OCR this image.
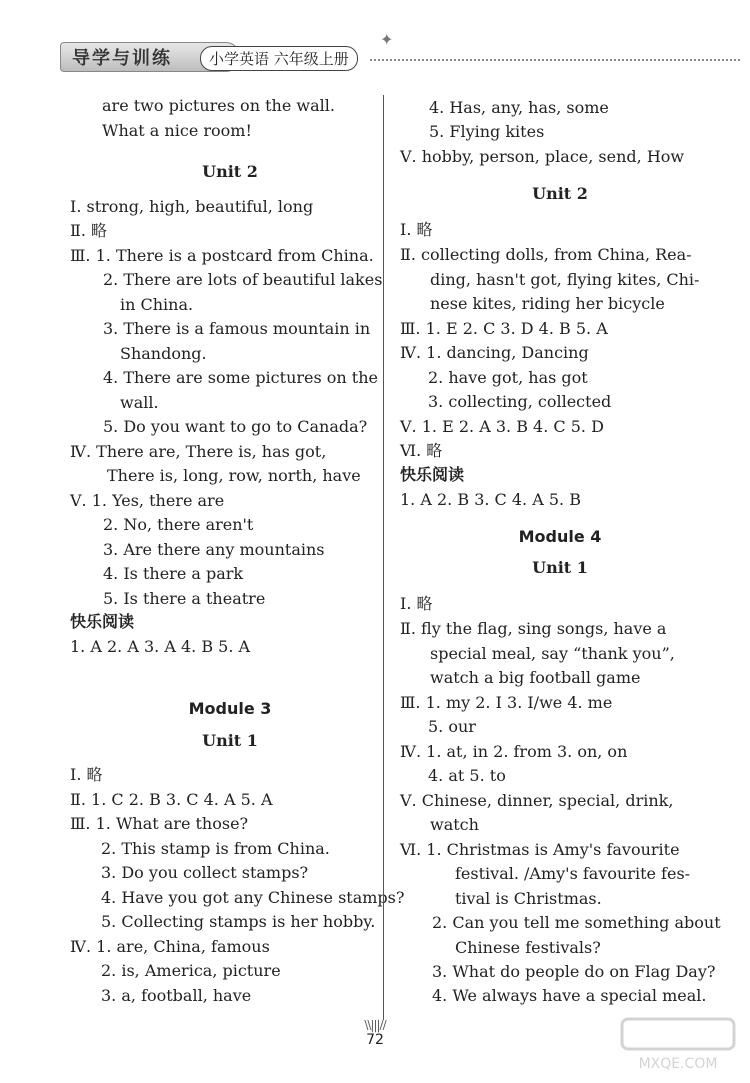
导学与训练	小学英语 六年级上册
✦
are two pictures on the wall.
What a nice room!
Unit 2
Ⅰ. strong, high, beautiful, long
Ⅱ. 略
Ⅲ. 1. There is a postcard from China.
2. There are lots of beautiful lakes
in China.
3. There is a famous mountain in
Shandong.
4. There are some pictures on the
wall.
5. Do you want to go to Canada?
Ⅳ. There are, There is, has got,
There is, long, row, north, have
Ⅴ. 1. Yes, there are
2. No, there aren't
3. Are there any mountains
4. Is there a park
5. Is there a theatre
快乐阅读
1. A 2. A 3. A 4. B 5. A
Module 3
Unit 1
Ⅰ. 略
Ⅱ. 1. C 2. B 3. C 4. A 5. A
Ⅲ. 1. What are those?
2. This stamp is from China.
3. Do you collect stamps?
4. Have you got any Chinese stamps?
5. Collecting stamps is her hobby.
Ⅳ. 1. are, China, famous
2. is, America, picture
3. a, football, have
4. Has, any, has, some
5. Flying kites
Ⅴ. hobby, person, place, send, How
Unit 2
Ⅰ. 略
Ⅱ. collecting dolls, from China, Rea-
ding, hasn't got, flying kites, Chi-
nese kites, riding her bicycle
Ⅲ. 1. E 2. C 3. D 4. B 5. A
Ⅳ. 1. dancing, Dancing
2. have got, has got
3. collecting, collected
Ⅴ. 1. E 2. A 3. B 4. C 5. D
Ⅵ. 略
快乐阅读
1. A 2. B 3. C 4. A 5. B
Module 4
Unit 1
Ⅰ. 略
Ⅱ. fly the flag, sing songs, have a
special meal, say “thank you”,
watch a big football game
Ⅲ. 1. my 2. I 3. I/we 4. me
5. our
Ⅳ. 1. at, in 2. from 3. on, on
4. at 5. to
Ⅴ. Chinese, dinner, special, drink,
watch
Ⅵ. 1. Christmas is Amy's favourite
festival. /Amy's favourite fes-
tival is Christmas.
2. Can you tell me something about
Chinese festivals?
3. What do people do on Flag Day?
4. We always have a special meal.
\\|||//
72
MXQE.COM
